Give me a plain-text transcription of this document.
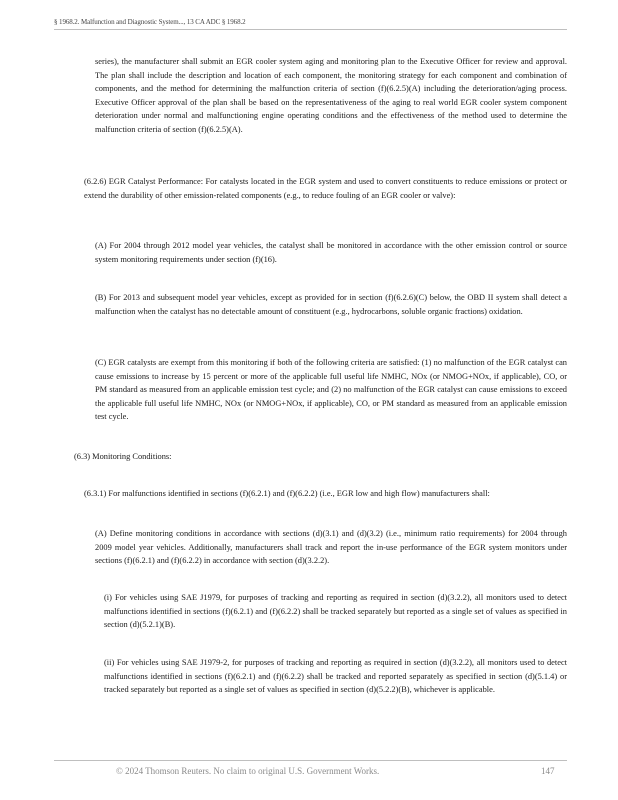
§ 1968.2. Malfunction and Diagnostic System..., 13 CA ADC § 1968.2

series), the manufacturer shall submit an EGR cooler system aging and monitoring plan to the Executive Officer for review and approval. The plan shall include the description and location of each component, the monitoring strategy for each component and combination of components, and the method for determining the malfunction criteria of section (f)(6.2.5)(A) including the deterioration/aging process. Executive Officer approval of the plan shall be based on the representativeness of the aging to real world EGR cooler system component deterioration under normal and malfunctioning engine operating conditions and the effectiveness of the method used to determine the malfunction criteria of section (f)(6.2.5)(A).

(6.2.6) EGR Catalyst Performance: For catalysts located in the EGR system and used to convert constituents to reduce emissions or protect or extend the durability of other emission-related components (e.g., to reduce fouling of an EGR cooler or valve):

(A) For 2004 through 2012 model year vehicles, the catalyst shall be monitored in accordance with the other emission control or source system monitoring requirements under section (f)(16).

(B) For 2013 and subsequent model year vehicles, except as provided for in section (f)(6.2.6)(C) below, the OBD II system shall detect a malfunction when the catalyst has no detectable amount of constituent (e.g., hydrocarbons, soluble organic fractions) oxidation.

(C) EGR catalysts are exempt from this monitoring if both of the following criteria are satisfied: (1) no malfunction of the EGR catalyst can cause emissions to increase by 15 percent or more of the applicable full useful life NMHC, NOx (or NMOG+NOx, if applicable), CO, or PM standard as measured from an applicable emission test cycle; and (2) no malfunction of the EGR catalyst can cause emissions to exceed the applicable full useful life NMHC, NOx (or NMOG+NOx, if applicable), CO, or PM standard as measured from an applicable emission test cycle.

(6.3) Monitoring Conditions:

(6.3.1) For malfunctions identified in sections (f)(6.2.1) and (f)(6.2.2) (i.e., EGR low and high flow) manufacturers shall:

(A) Define monitoring conditions in accordance with sections (d)(3.1) and (d)(3.2) (i.e., minimum ratio requirements) for 2004 through 2009 model year vehicles. Additionally, manufacturers shall track and report the in-use performance of the EGR system monitors under sections (f)(6.2.1) and (f)(6.2.2) in accordance with section (d)(3.2.2).

(i) For vehicles using SAE J1979, for purposes of tracking and reporting as required in section (d)(3.2.2), all monitors used to detect malfunctions identified in sections (f)(6.2.1) and (f)(6.2.2) shall be tracked separately but reported as a single set of values as specified in section (d)(5.2.1)(B).

(ii) For vehicles using SAE J1979-2, for purposes of tracking and reporting as required in section (d)(3.2.2), all monitors used to detect malfunctions identified in sections (f)(6.2.1) and (f)(6.2.2) shall be tracked and reported separately as specified in section (d)(5.1.4) or tracked separately but reported as a single set of values as specified in section (d)(5.2.2)(B), whichever is applicable.

© 2024 Thomson Reuters. No claim to original U.S. Government Works.	147
